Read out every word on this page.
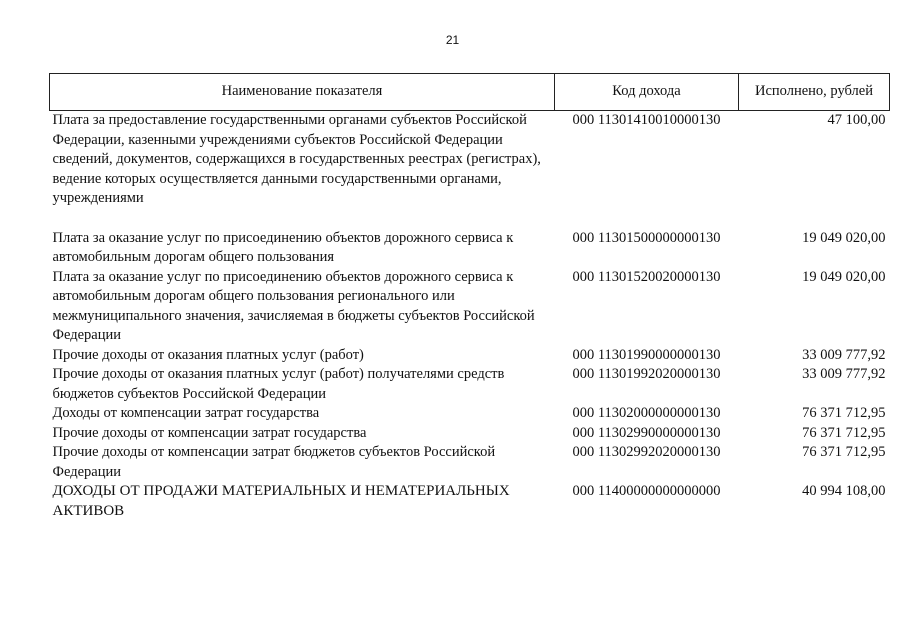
21
Наименование показателя	Код дохода	Исполнено, рублей
Плата за предоставление государственными органами субъектов Российской Федерации, казенными учреждениями субъектов Российской Федерации сведений, документов, содержащихся в государственных реестрах (регистрах), ведение которых осуществляется данными государственными органами, учреждениями	000 11301410010000130	47 100,00
Плата за оказание услуг по присоединению объектов дорожного сервиса к автомобильным дорогам общего пользования	000 11301500000000130	19 049 020,00
Плата за оказание услуг по присоединению объектов дорожного сервиса к автомобильным дорогам общего пользования регионального или межмуниципального значения, зачисляемая в бюджеты субъектов Российской Федерации	000 11301520020000130	19 049 020,00
Прочие доходы от оказания платных услуг (работ)	000 11301990000000130	33 009 777,92
Прочие доходы от оказания платных услуг (работ) получателями средств бюджетов субъектов Российской Федерации	000 11301992020000130	33 009 777,92
Доходы от компенсации затрат государства	000 11302000000000130	76 371 712,95
Прочие доходы от компенсации затрат государства	000 11302990000000130	76 371 712,95
Прочие доходы от компенсации затрат бюджетов субъектов Российской Федерации	000 11302992020000130	76 371 712,95
ДОХОДЫ ОТ ПРОДАЖИ МАТЕРИАЛЬНЫХ И НЕМАТЕРИАЛЬНЫХ АКТИВОВ	000 11400000000000000	40 994 108,00
